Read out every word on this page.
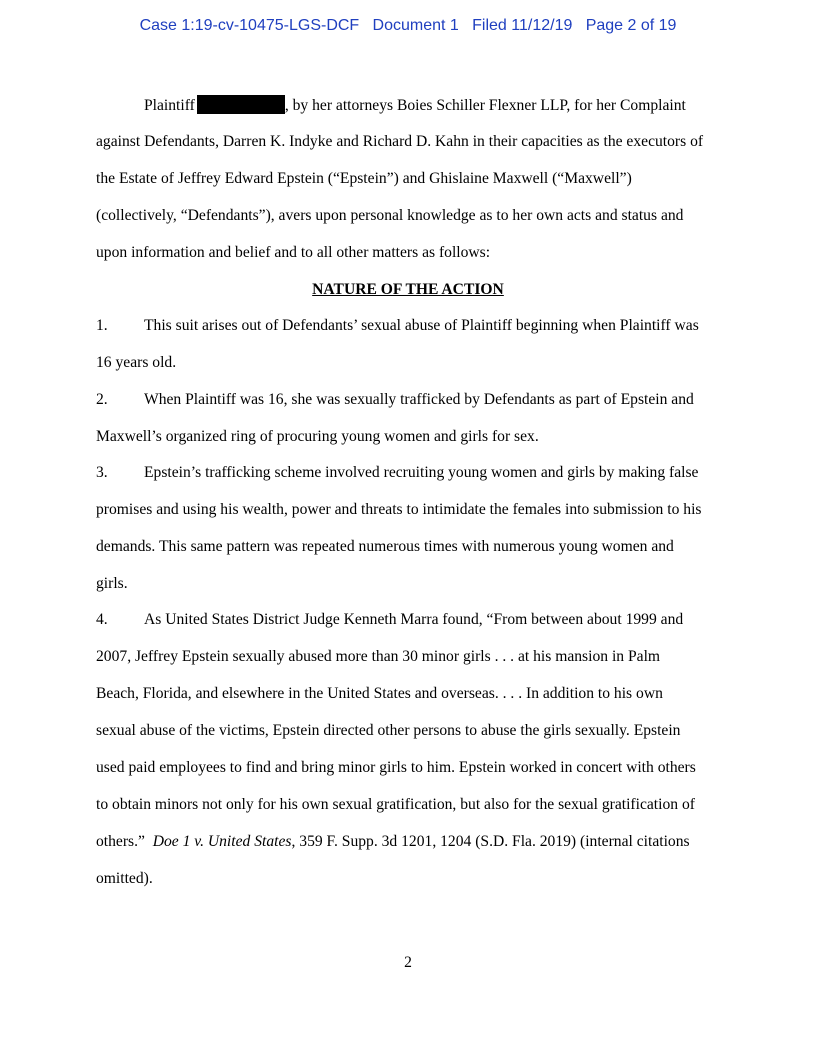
Case 1:19-cv-10475-LGS-DCF   Document 1   Filed 11/12/19   Page 2 of 19
Plaintiff	, by her attorneys Boies Schiller Flexner LLP, for her Complaint
against Defendants, Darren K. Indyke and Richard D. Kahn in their capacities as the executors of
the Estate of Jeffrey Edward Epstein (“Epstein”) and Ghislaine Maxwell (“Maxwell”)
(collectively, “Defendants”), avers upon personal knowledge as to her own acts and status and
upon information and belief and to all other matters as follows:
NATURE OF THE ACTION
1. This suit arises out of Defendants’ sexual abuse of Plaintiff beginning when Plaintiff was
16 years old.
2. When Plaintiff was 16, she was sexually trafficked by Defendants as part of Epstein and
Maxwell’s organized ring of procuring young women and girls for sex.
3. Epstein’s trafficking scheme involved recruiting young women and girls by making false
promises and using his wealth, power and threats to intimidate the females into submission to his
demands. This same pattern was repeated numerous times with numerous young women and
girls.
4. As United States District Judge Kenneth Marra found, “From between about 1999 and
2007, Jeffrey Epstein sexually abused more than 30 minor girls . . . at his mansion in Palm
Beach, Florida, and elsewhere in the United States and overseas. . . . In addition to his own
sexual abuse of the victims, Epstein directed other persons to abuse the girls sexually. Epstein
used paid employees to find and bring minor girls to him. Epstein worked in concert with others
to obtain minors not only for his own sexual gratification, but also for the sexual gratification of
others.”  Doe 1 v. United States, 359 F. Supp. 3d 1201, 1204 (S.D. Fla. 2019) (internal citations
omitted).
2
